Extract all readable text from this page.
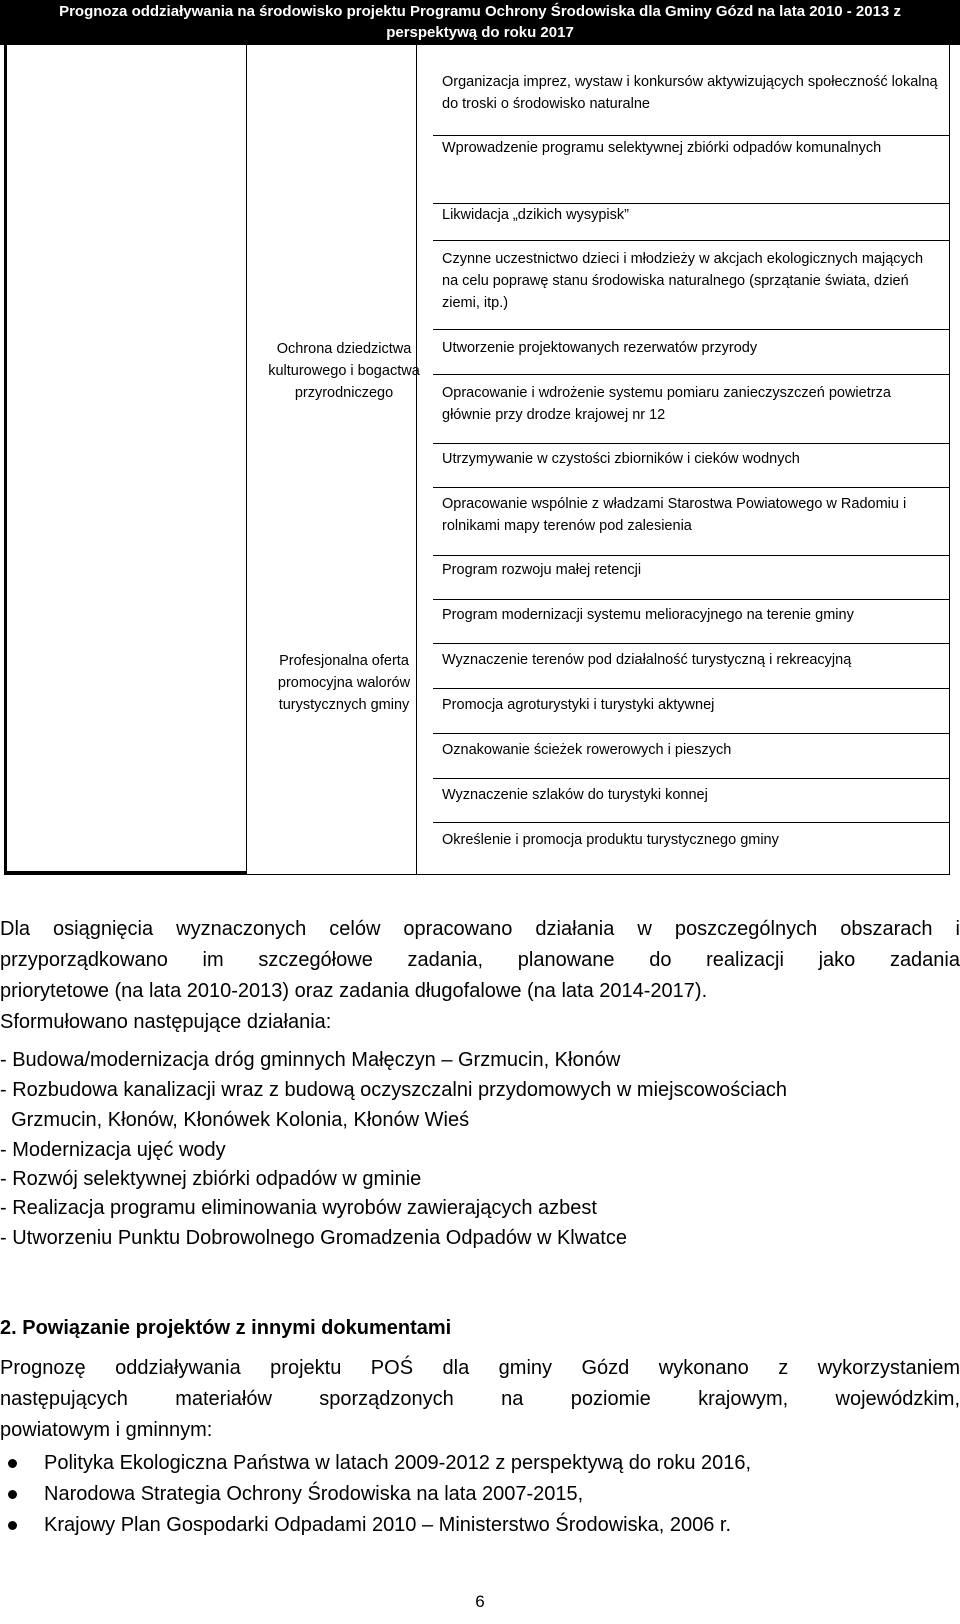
Prognoza oddziaływania na środowisko projektu Programu Ochrony Środowiska dla Gminy Gózd na lata 2010 - 2013 z
perspektywą do roku 2017
Organizacja imprez, wystaw i konkursów aktywizujących społeczność lokalną do troski o środowisko naturalne
Wprowadzenie programu selektywnej zbiórki odpadów komunalnych
Likwidacja „dzikich wysypisk”
Czynne uczestnictwo dzieci i młodzieży w akcjach ekologicznych mających na celu poprawę stanu środowiska naturalnego (sprzątanie świata, dzień ziemi, itp.)
Ochrona dziedzictwa kulturowego i bogactwa przyrodniczego
Utworzenie projektowanych rezerwatów przyrody
Opracowanie i wdrożenie systemu pomiaru zanieczyszczeń powietrza głównie przy drodze krajowej nr 12
Utrzymywanie w czystości zbiorników i cieków wodnych
Opracowanie wspólnie z władzami Starostwa Powiatowego w Radomiu i rolnikami mapy terenów pod zalesienia
Program rozwoju małej retencji
Program modernizacji systemu melioracyjnego na terenie gminy
Profesjonalna oferta promocyjna walorów turystycznych gminy
Wyznaczenie terenów pod działalność turystyczną i rekreacyjną
Promocja agroturystyki i turystyki aktywnej
Oznakowanie ścieżek rowerowych i pieszych
Wyznaczenie szlaków do turystyki konnej
Określenie i promocja produktu turystycznego gminy
Dla osiągnięcia wyznaczonych celów opracowano działania w poszczególnych obszarach i
przyporządkowano im szczegółowe zadania, planowane do realizacji jako zadania
priorytetowe (na lata 2010-2013) oraz zadania długofalowe (na lata 2014-2017).
Sformułowano następujące działania:
- Budowa/modernizacja dróg gminnych Małęczyn – Grzmucin, Kłonów
- Rozbudowa kanalizacji wraz z budową oczyszczalni przydomowych w miejscowościach
Grzmucin, Kłonów, Kłonówek Kolonia, Kłonów Wieś
- Modernizacja ujęć wody
- Rozwój selektywnej zbiórki odpadów w gminie
- Realizacja programu eliminowania wyrobów zawierających azbest
- Utworzeniu Punktu Dobrowolnego Gromadzenia Odpadów w Klwatce
2. Powiązanie projektów z innymi dokumentami
Prognozę oddziaływania projektu POŚ dla gminy Gózd wykonano z wykorzystaniem
następujących materiałów sporządzonych na poziomie krajowym, wojewódzkim,
powiatowym i gminnym:
Polityka Ekologiczna Państwa w latach 2009-2012 z perspektywą do roku 2016,
Narodowa Strategia Ochrony Środowiska na lata 2007-2015,
Krajowy Plan Gospodarki Odpadami 2010 – Ministerstwo Środowiska, 2006 r.
6
